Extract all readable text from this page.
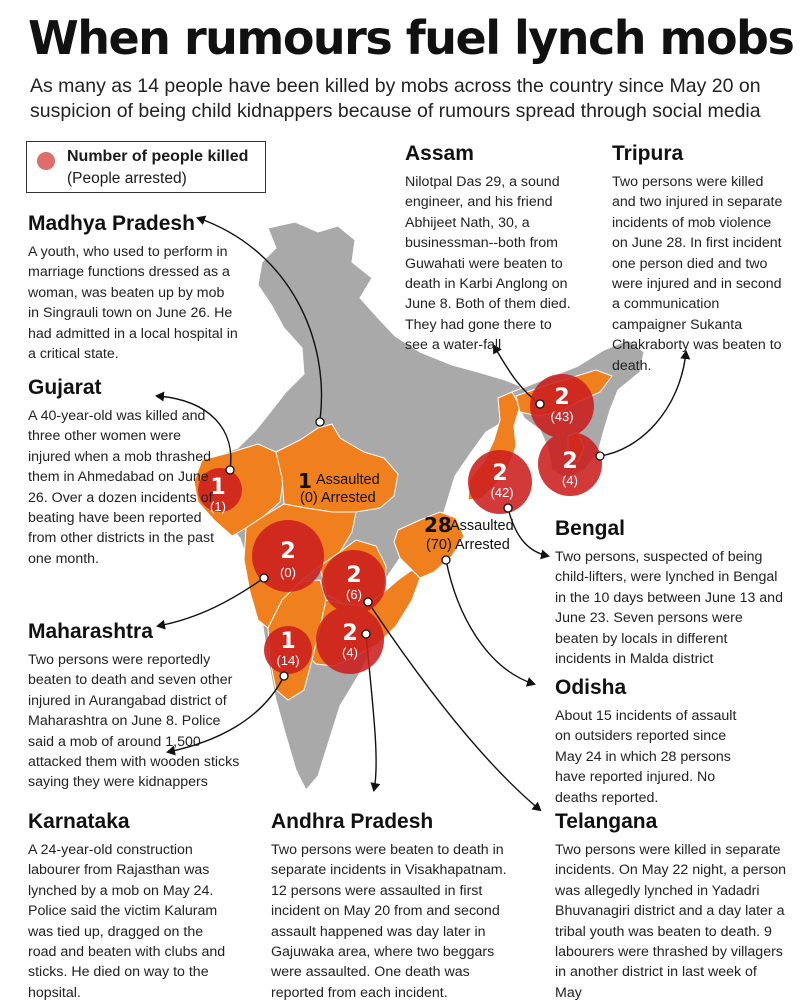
When rumours fuel lynch mobs
As many as 14 people have been killed by mobs across the country since May 20 on suspicion of being child kidnappers because of rumours spread through social media
Number of people killed
(People arrested)
1
(1)
2
(0) 2
(6)
1
(14)
2
(4)
2
(42)
2
(43)
2
(4)
1 Assaulted
(0) Arrested
28
Assaulted
(70) Arrested
Madhya Pradesh

A youth, who used to perform in marriage functions dressed as a woman, was beaten up by mob in Singrauli town on June 26. He had admitted in a local hospital in a critical state.

Gujarat

A 40-year-old was killed and three other women were injured when a mob thrashed them in Ahmedabad on June 26. Over a dozen incidents of beating have been reported from other districts in the past one month.

Maharashtra

Two persons were reportedly beaten to death and seven other injured in Aurangabad district of Maharashtra on June 8. Police said a mob of around 1,500 attacked them with wooden sticks saying they were kidnappers

Karnataka

A 24-year-old construction labourer from Rajasthan was lynched by a mob on May 24. Police said the victim Kaluram was tied up, dragged on the road and beaten with clubs and sticks. He died on way to the hopsital.

Andhra Pradesh

Two persons were beaten to death in separate incidents in Visakhapatnam. 12 persons were assaulted in first incident on May 20 from and second assault happened was day later in Gajuwaka area, where two beggars were assaulted. One death was reported from each incident.

Telangana

Two persons were killed in separate incidents. On May 22 night, a person was allegedly lynched in Yadadri Bhuvanagiri district and a day later a tribal youth was beaten to death. 9 labourers were thrashed by villagers in another district in last week of May

Assam

Nilotpal Das 29, a sound engineer, and his friend Abhijeet Nath, 30, a businessman--both from Guwahati were beaten to death in Karbi Anglong on June 8. Both of them died. They had gone there to see a water-fall

Tripura

Two persons were killed and two injured in separate incidents of mob violence on June 28. In first incident one person died and two were injured and in second a communication campaigner Sukanta Chakraborty was beaten to death.

Bengal

Two persons, suspected of being child-lifters, were lynched in Bengal in the 10 days between June 13 and June 23. Seven persons were beaten by locals in different incidents in Malda district

Odisha

About 15 incidents of assault on outsiders reported since May 24 in which 28 persons have reported injured. No deaths reported.
